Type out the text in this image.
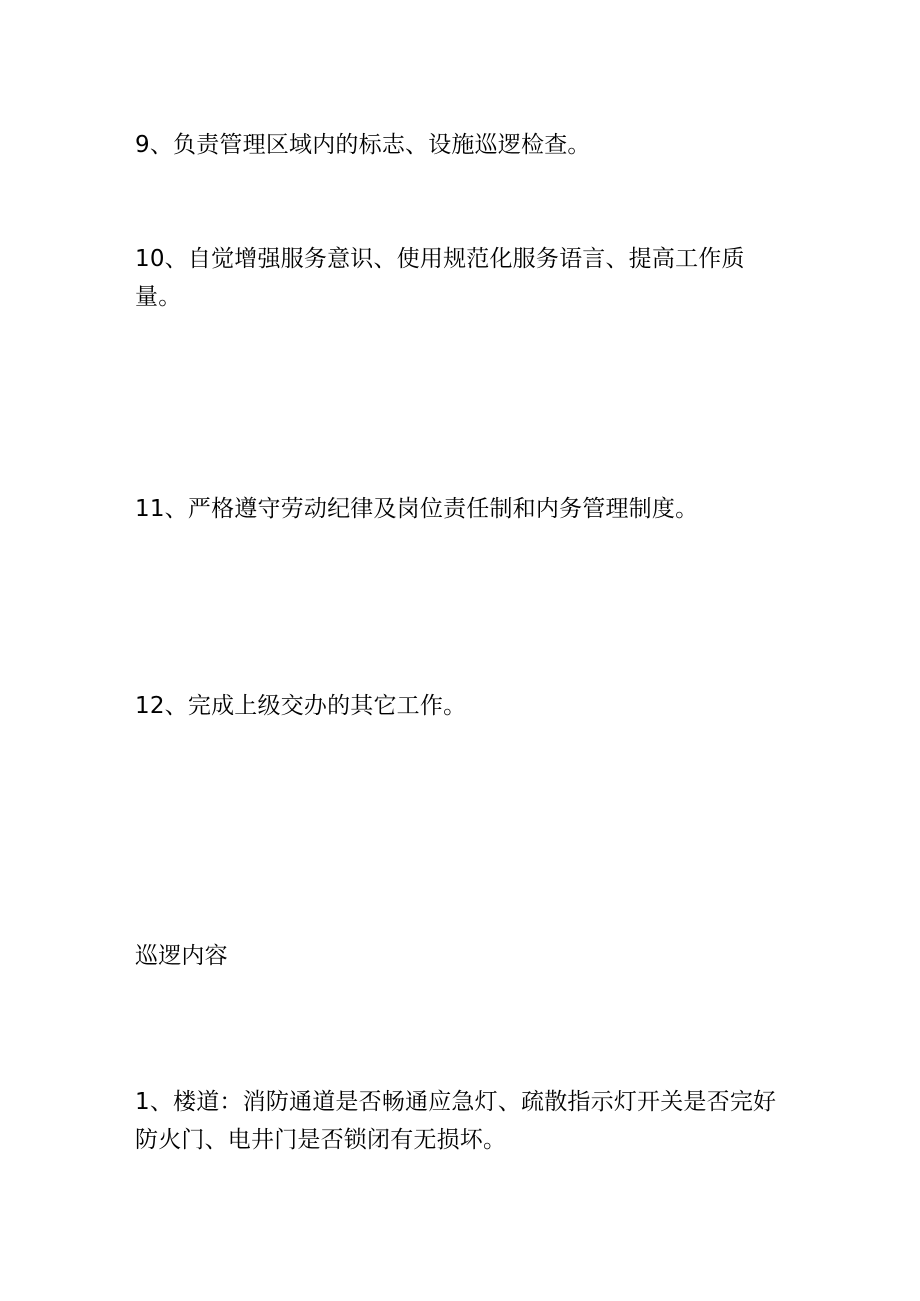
9、负责管理区域内的标志、设施巡逻检查。

10、自觉增强服务意识、使用规范化服务语言、提高工作质量。

11、严格遵守劳动纪律及岗位责任制和内务管理制度。

12、完成上级交办的其它工作。

巡逻内容

1、楼道：消防通道是否畅通应急灯、疏散指示灯开关是否完好防火门、电井门是否锁闭有无损坏。
